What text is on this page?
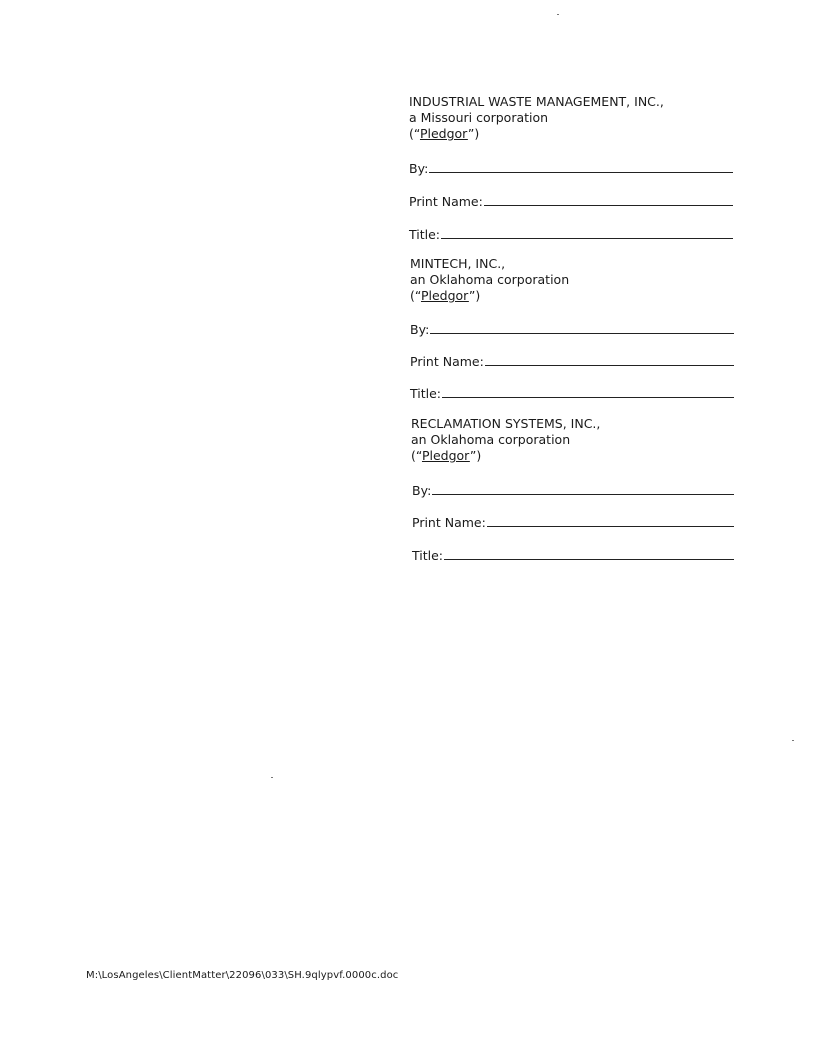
INDUSTRIAL WASTE MANAGEMENT, INC.,
a Missouri corporation
(“Pledgor”)
By:
Print Name:
Title:
MINTECH, INC.,
an Oklahoma corporation
(“Pledgor”)
By:
Print Name:
Title:
RECLAMATION SYSTEMS, INC.,
an Oklahoma corporation
(“Pledgor”)
By:
Print Name:
Title:
M:\LosAngeles\ClientMatter\22096\033\SH.9qlypvf.0000c.doc
